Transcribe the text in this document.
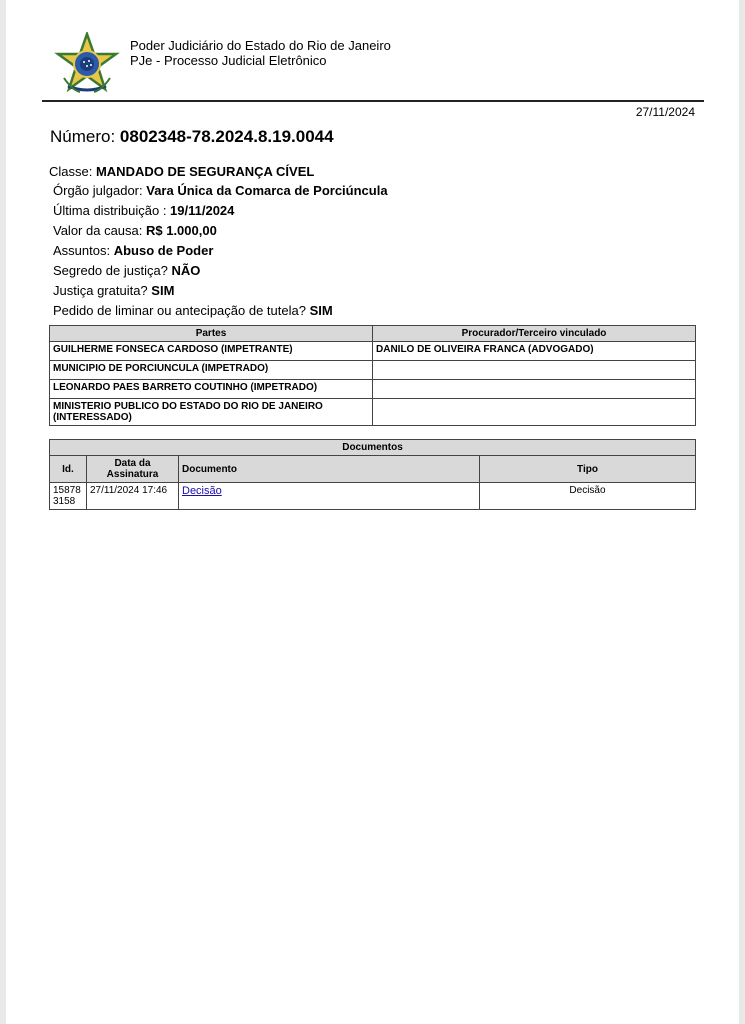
Poder Judiciário do Estado do Rio de Janeiro
PJe - Processo Judicial Eletrônico
27/11/2024
Número: 0802348-78.2024.8.19.0044
Classe: MANDADO DE SEGURANÇA CÍVEL
Órgão julgador: Vara Única da Comarca de Porciúncula
Última distribuição : 19/11/2024
Valor da causa: R$ 1.000,00
Assuntos: Abuso de Poder
Segredo de justiça? NÃO
Justiça gratuita? SIM
Pedido de liminar ou antecipação de tutela? SIM
Partes	Procurador/Terceiro vinculado
GUILHERME FONSECA CARDOSO (IMPETRANTE)	DANILO DE OLIVEIRA FRANCA (ADVOGADO)
MUNICIPIO DE PORCIUNCULA (IMPETRADO)	
LEONARDO PAES BARRETO COUTINHO (IMPETRADO)	
MINISTERIO PUBLICO DO ESTADO DO RIO DE JANEIRO (INTERESSADO)	
Documentos			
Id.	Data da Assinatura	Documento	Tipo
15878 3158	27/11/2024 17:46	Decisão	Decisão
